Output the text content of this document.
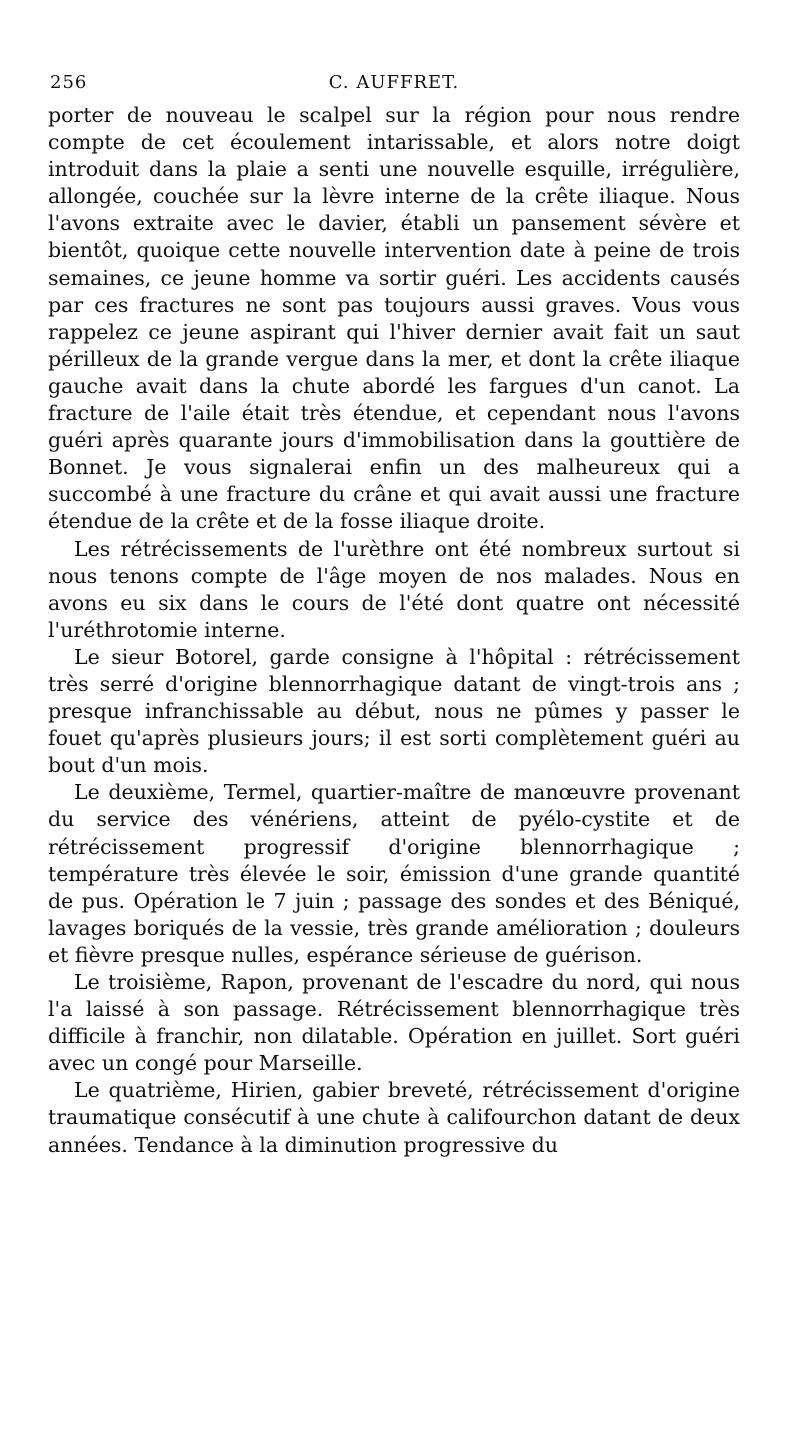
256	C. AUFFRET.

porter de nouveau le scalpel sur la région pour nous rendre compte de cet écoulement intarissable, et alors notre doigt introduit dans la plaie a senti une nouvelle esquille, irrégulière, allongée, couchée sur la lèvre interne de la crête iliaque. Nous l'avons extraite avec le davier, établi un pansement sévère et bientôt, quoique cette nouvelle intervention date à peine de trois semaines, ce jeune homme va sortir guéri. Les accidents causés par ces fractures ne sont pas toujours aussi graves. Vous vous rappelez ce jeune aspirant qui l'hiver dernier avait fait un saut périlleux de la grande vergue dans la mer, et dont la crête iliaque gauche avait dans la chute abordé les fargues d'un canot. La fracture de l'aile était très étendue, et cependant nous l'avons guéri après quarante jours d'immobilisation dans la gouttière de Bonnet. Je vous signalerai enfin un des malheureux qui a succombé à une fracture du crâne et qui avait aussi une fracture étendue de la crête et de la fosse iliaque droite.

Les rétrécissements de l'urèthre ont été nombreux surtout si nous tenons compte de l'âge moyen de nos malades. Nous en avons eu six dans le cours de l'été dont quatre ont nécessité l'uréthrotomie interne.

Le sieur Botorel, garde consigne à l'hôpital : rétrécissement très serré d'origine blennorrhagique datant de vingt-trois ans ; presque infranchissable au début, nous ne pûmes y passer le fouet qu'après plusieurs jours; il est sorti complètement guéri au bout d'un mois.

Le deuxième, Termel, quartier-maître de manœuvre provenant du service des vénériens, atteint de pyélo-cystite et de rétrécissement progressif d'origine blennorrhagique ; température très élevée le soir, émission d'une grande quantité de pus. Opération le 7 juin ; passage des sondes et des Béniqué, lavages boriqués de la vessie, très grande amélioration ; douleurs et fièvre presque nulles, espérance sérieuse de guérison.

Le troisième, Rapon, provenant de l'escadre du nord, qui nous l'a laissé à son passage. Rétrécissement blennorrhagique très difficile à franchir, non dilatable. Opération en juillet. Sort guéri avec un congé pour Marseille.

Le quatrième, Hirien, gabier breveté, rétrécissement d'origine traumatique consécutif à une chute à califourchon datant de deux années. Tendance à la diminution progressive du
